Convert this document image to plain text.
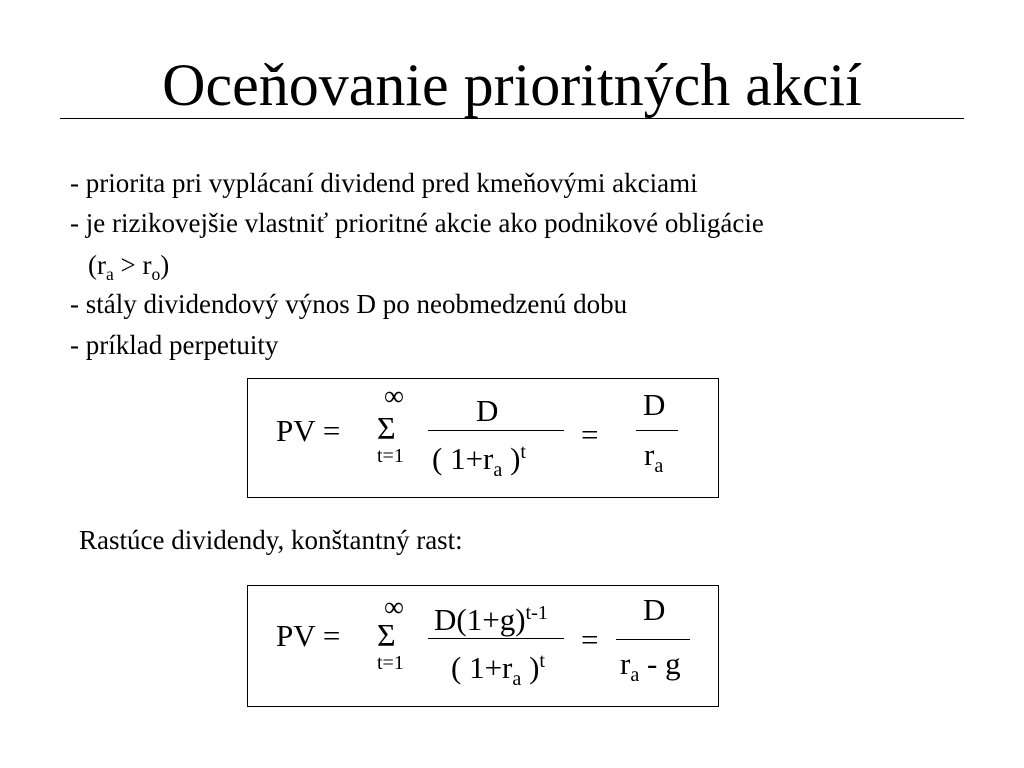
Oceňovanie prioritných akcií
- priorita pri vyplácaní dividend pred kmeňovými akciami
- je rizikovejšie vlastniť prioritné akcie ako podnikové obligácie
$(r_a > r_o)$
- stály dividendový výnos D po neobmedzenú dobu
- príklad perpetuity
PV =
∞
Σ
t=1
D
( $1+r_a$ )$^t$ =
D
$r_a$
Rastúce dividendy, konštantný rast:
PV =
∞
Σ
t=1
$D(1+g)^{t-1}$
( $1+r_a$ )$^t$
=
D
$r_a$ - g
